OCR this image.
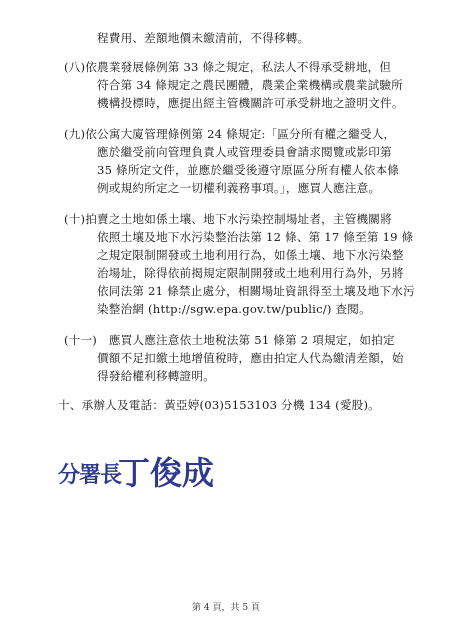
程費用、差額地價未繳清前，不得移轉。
(八)依農業發展條例第 33 條之規定，私法人不得承受耕地，但
符合第 34 條規定之農民團體，農業企業機構或農業試驗所
機構投標時，應提出經主管機關許可承受耕地之證明文件。
(九)依公寓大廈管理條例第 24 條規定:「區分所有權之繼受人，
應於繼受前向管理負責人或管理委員會請求閱覽或影印第
35 條所定文件，並應於繼受後遵守原區分所有權人依本條
例或規約所定之一切權利義務事項。」，應買人應注意。
(十)拍賣之土地如係土壤、地下水污染控制場址者，主管機關將
依照土壤及地下水污染整治法第 12 條、第 17 條至第 19 條
之規定限制開發或土地利用行為，如係土壤、地下水污染整
治場址，除得依前揭規定限制開發或土地利用行為外，另將
依同法第 21 條禁止處分，相關場址資訊得至土壤及地下水污
染整治網 (http://sgw.epa.gov.tw/public/) 查閱。
(十一)　應買人應注意依土地稅法第 51 條第 2 項規定，如拍定
價額不足扣繳土地增值稅時，應由拍定人代為繳清差額，始
得發給權利移轉證明。
十、承辦人及電話：黃亞婷(03)5153103 分機 134 (愛股)。
分署長
丁俊成
第 4 頁，共 5 頁
